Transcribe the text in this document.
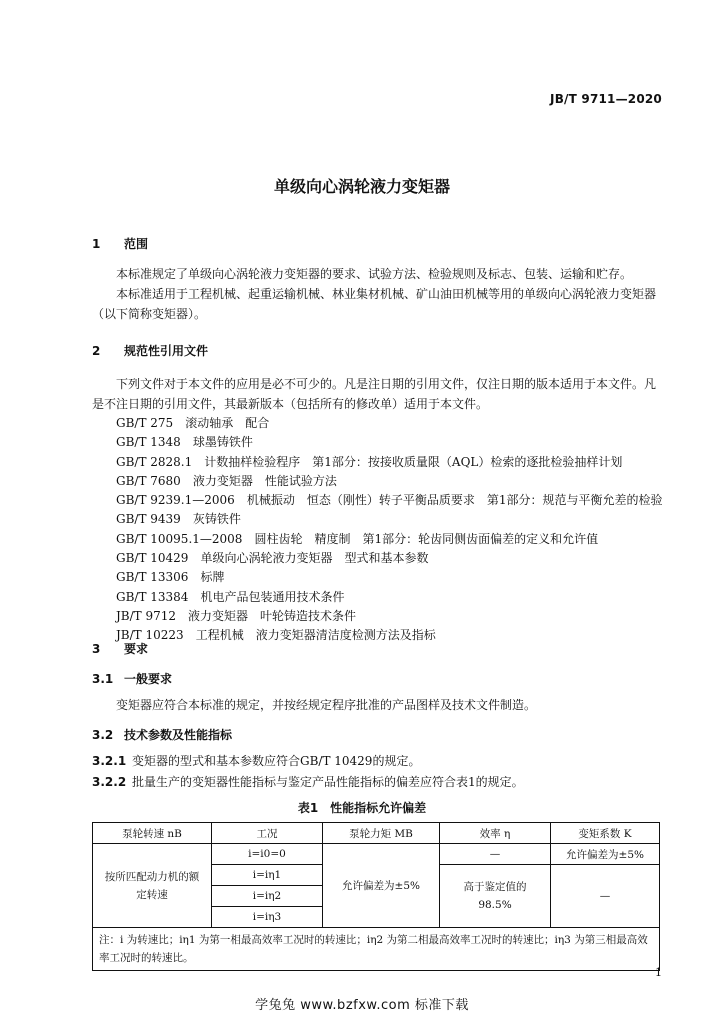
JB/T 9711—2020
单级向心涡轮液力变矩器
1 范围
本标准规定了单级向心涡轮液力变矩器的要求、试验方法、检验规则及标志、包装、运输和贮存。
本标准适用于工程机械、起重运输机械、林业集材机械、矿山油田机械等用的单级向心涡轮液力变矩器（以下简称变矩器）。
2 规范性引用文件
下列文件对于本文件的应用是必不可少的。凡是注日期的引用文件，仅注日期的版本适用于本文件。凡是不注日期的引用文件，其最新版本（包括所有的修改单）适用于本文件。
GB/T 275　 滚动轴承　配合
GB/T 1348　 球墨铸铁件
GB/T 2828.1　 计数抽样检验程序　第1部分：按接收质量限（AQL）检索的逐批检验抽样计划
GB/T 7680　 液力变矩器　性能试验方法
GB/T 9239.1—2006　 机械振动　恒态（刚性）转子平衡品质要求　第1部分：规范与平衡允差的检验
GB/T 9439　 灰铸铁件
GB/T 10095.1—2008　 圆柱齿轮　精度制　第1部分：轮齿同侧齿面偏差的定义和允许值
GB/T 10429　 单级向心涡轮液力变矩器　型式和基本参数
GB/T 13306　 标牌
GB/T 13384　 机电产品包装通用技术条件
JB/T 9712　 液力变矩器　叶轮铸造技术条件
JB/T 10223　 工程机械　液力变矩器清洁度检测方法及指标
3 要求
3.1 一般要求
变矩器应符合本标准的规定，并按经规定程序批准的产品图样及技术文件制造。
3.2 技术参数及性能指标
3.2.1 变矩器的型式和基本参数应符合GB/T 10429的规定。
3.2.2 批量生产的变矩器性能指标与鉴定产品性能指标的偏差应符合表1的规定。
表1　性能指标允许偏差
泵轮转速 nB	工况	泵轮力矩 MB	效率 η	变矩系数 K
按所匹配动力机的额定转速	i=i0=0	允许偏差为±5%	—	允许偏差为±5%
	i=iη1		高于鉴定值的98.5%	—
	i=iη2			
	i=iη3			
注：i 为转速比；iη1 为第一相最高效率工况时的转速比；iη2 为第二相最高效率工况时的转速比；iη3 为第三相最高效率工况时的转速比。				
1
学兔兔 www.bzfxw.com 标准下载
